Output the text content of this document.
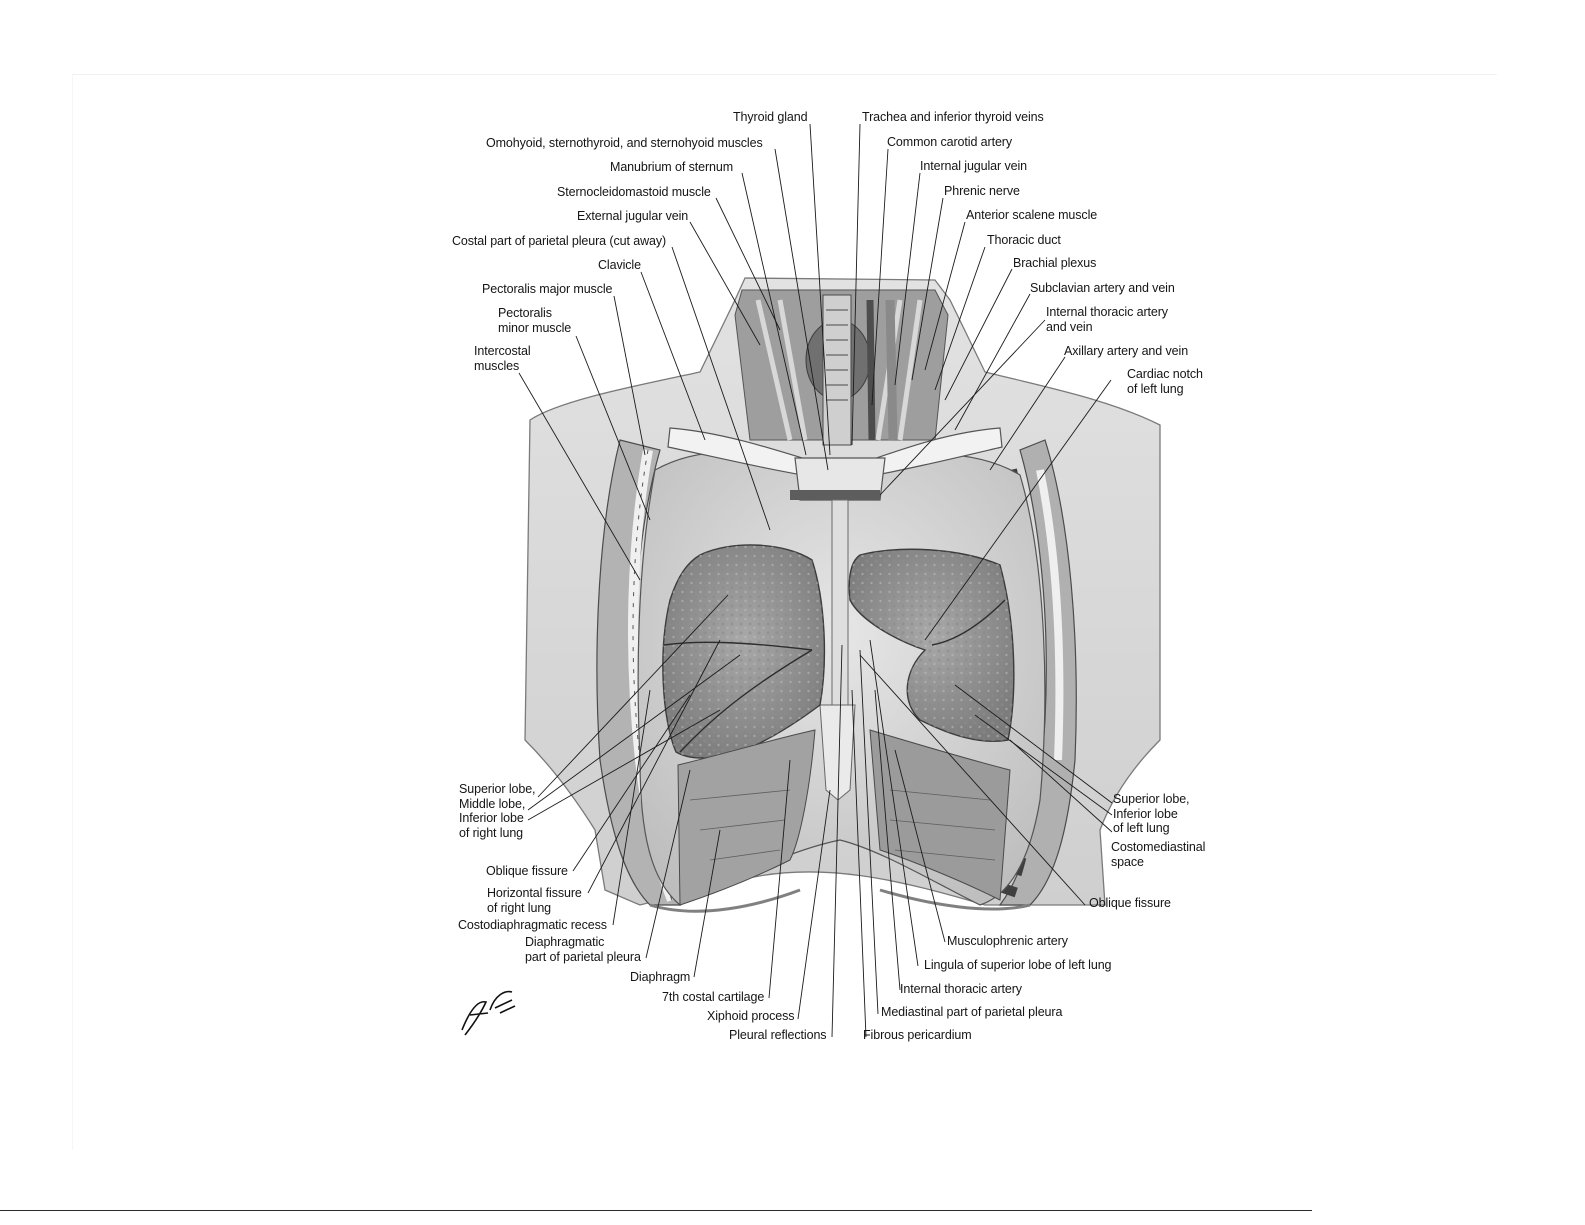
Thyroid gland	Trachea and inferior thyroid veins
Omohyoid, sternothyroid, and sternohyoid muscles	Common carotid artery
Manubrium of sternum	Internal jugular vein
Sternocleidomastoid muscle	Phrenic nerve
External jugular vein	Anterior scalene muscle
Costal part of parietal pleura (cut away)	Thoracic duct
Clavicle	Brachial plexus
Pectoralis major muscle	Subclavian artery and vein
Pectoralis
minor muscle
Internal thoracic artery
and vein
Intercostal
muscles
Axillary artery and vein
Cardiac notch
of left lung
Superior lobe,
Middle lobe,
Inferior lobe
of right lung
Superior lobe,
Inferior lobe
of left lung
Costomediastinal
space
Oblique fissure
Oblique fissure
Horizontal fissure
of right lung
Costodiaphragmatic recess
Diaphragmatic
part of parietal pleura
Musculophrenic artery
Diaphragm
Lingula of superior lobe of left lung
7th costal cartilage
Internal thoracic artery
Xiphoid process	Mediastinal part of parietal pleura
Pleural reflections	Fibrous pericardium
